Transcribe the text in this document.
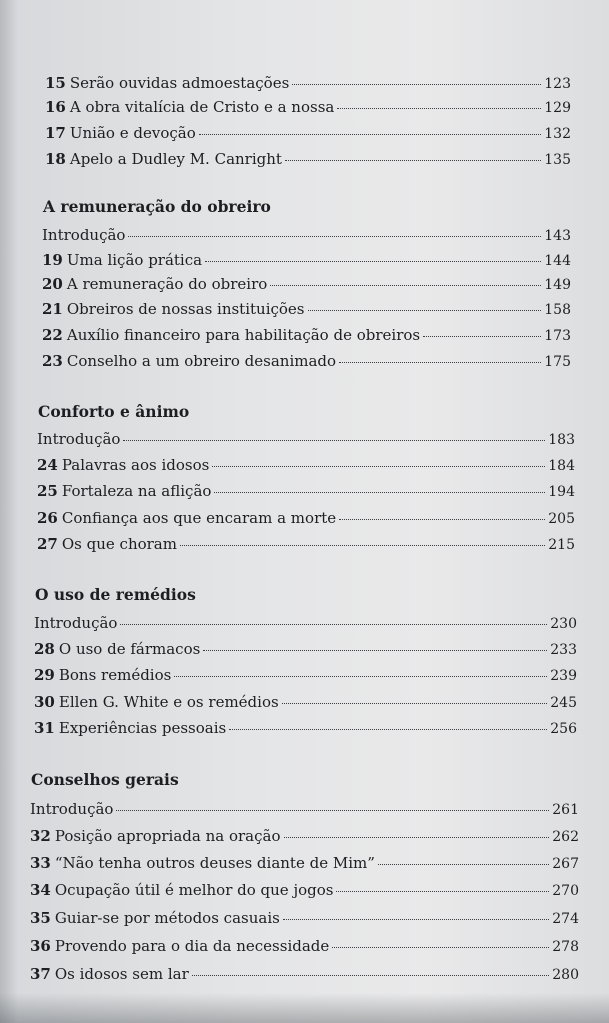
15 Serão ouvidas admoestações	123
16 A obra vitalícia de Cristo e a nossa	129
17 União e devoção	132
18 Apelo a Dudley M. Canright	135
A remuneração do obreiro
Introdução	143
19 Uma lição prática	144
20 A remuneração do obreiro	149
21 Obreiros de nossas instituições	158
22 Auxílio financeiro para habilitação de obreiros	173
23 Conselho a um obreiro desanimado	175
Conforto e ânimo
Introdução	183
24 Palavras aos idosos	184
25 Fortaleza na aflição	194
26 Confiança aos que encaram a morte	205
27 Os que choram	215
O uso de remédios
Introdução	230
28 O uso de fármacos	233
29 Bons remédios	239
30 Ellen G. White e os remédios	245
31 Experiências pessoais	256
Conselhos gerais
Introdução	261
32 Posição apropriada na oração	262
33 “Não tenha outros deuses diante de Mim”	267
34 Ocupação útil é melhor do que jogos	270
35 Guiar-se por métodos casuais	274
36 Provendo para o dia da necessidade	278
37 Os idosos sem lar	280
